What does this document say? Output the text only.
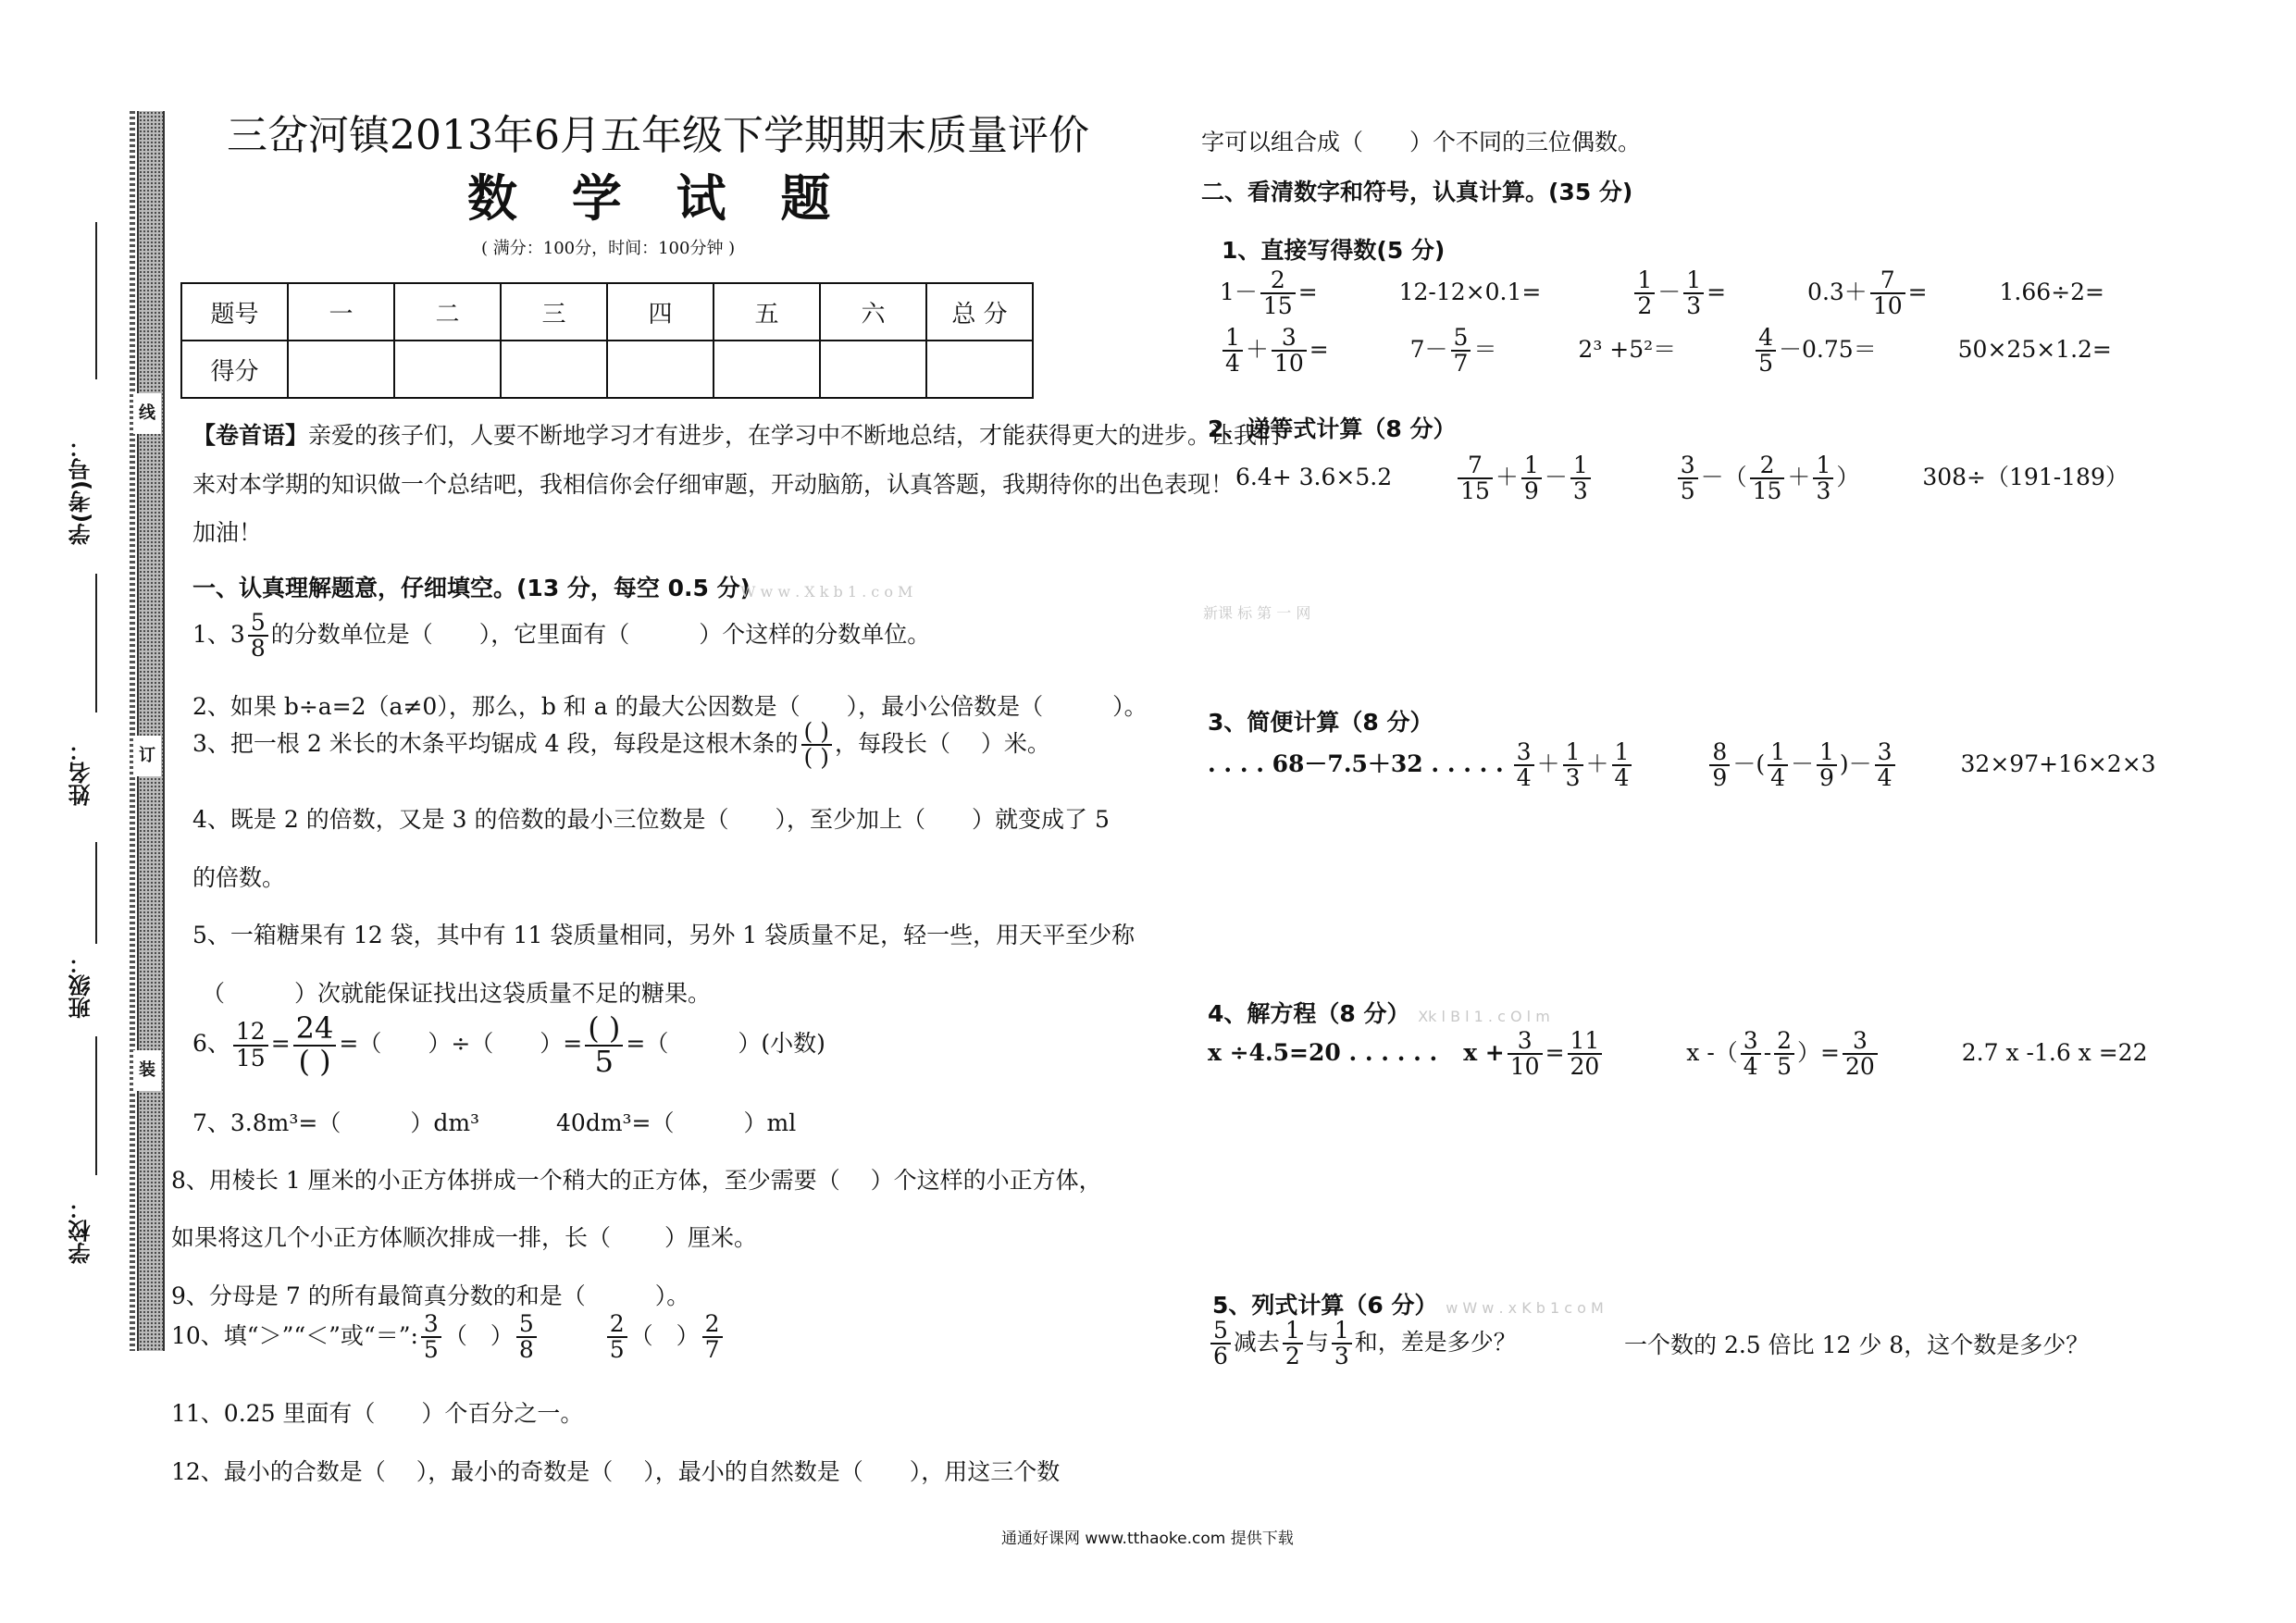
线
订
装
学(考)号：
姓名：
班级：
学校：
三岔河镇2013年6月五年级下学期期末质量评价
数 学 试 题
( 满分：100分，时间：100分钟 )
题号	一	二	三	四	五	六	总 分
得分							
【卷首语】亲爱的孩子们，人要不断地学习才有进步，在学习中不断地总结，才能获得更大的进步。让我们
来对本学期的知识做一个总结吧，我相信你会仔细审题，开动脑筋，认真答题，我期待你的出色表现！
加油！
一、认真理解题意，仔细填空。(13 分，每空 0.5 分)
W w w . X k b 1 . c o M
新课 标 第 一 网
1、$3 \frac{5}{8}$ 的分数单位是（　　），它里面有（　　　）个这样的分数单位。
2、如果 b÷a=2（a≠0），那么，b 和 a 的最大公因数是（　　），最小公倍数是（　　　）。
3、把一根 2 米长的木条平均锯成 4 段，每段是这根木条的 $\frac{( )}{( )}$ ，每段长（　 ）米。
4、既是 2 的倍数，又是 3 的倍数的最小三位数是（　　），至少加上（　　）就变成了 5
的倍数。
5、一箱糖果有 12 袋，其中有 11 袋质量相同，另外 1 袋质量不足，轻一些，用天平至少称
（　　　）次就能保证找出这袋质量不足的糖果。
6、 $\frac{12}{15} = \frac{24}{( )}$ =（　　）÷（　　）= $\frac{( )}{5}$ =（　　　）(小数)
7、3.8m³=（　　　）dm³　　　 40dm³=（　　　）ml
8、用棱长 1 厘米的小正方体拼成一个稍大的正方体，至少需要（　 ）个这样的小正方体，
如果将这几个小正方体顺次排成一排，长（　　 ）厘米。
9、分母是 7 的所有最简真分数的和是（　　　）。
10、填“＞”“＜”或“＝”: $\frac{3}{5}$ （　） $\frac{5}{8}$	$\frac{2}{5}$ （　） $\frac{2}{7}$
11、0.25 里面有（　　）个百分之一。
12、最小的合数是（　 ），最小的奇数是（　 ），最小的自然数是（　　），用这三个数
字可以组合成（　　）个不同的三位偶数。
二、看清数字和符号，认真计算。(35 分)
1、直接写得数(5 分)
$1- \frac{2}{15}$ =	12-12×0.1=	$\frac{1}{2} - \frac{1}{3}$ =	$0.3+ \frac{7}{10}$ =	1.66÷2=
$\frac{1}{4} + \frac{3}{10}$ =	$7- \frac{5}{7}$ ＝	2³ +5²＝	$\frac{4}{5} -0.75=$	50×25×1.2=
2、递等式计算（8 分）
6.4+ 3.6×5.2	$\frac{7}{15} + \frac{1}{9} - \frac{1}{3}$
	$\frac{3}{5}$ －（ $\frac{2}{15} + \frac{1}{3}$ ）	308÷（191-189）
3、简便计算（8 分）
. . . . 68－7.5＋32 . . . . . $\frac{3}{4} + \frac{1}{3} + \frac{1}{4}$
	$\frac{8}{9}$ －( $\frac{1}{4} - \frac{1}{9}$ )－ $\frac{3}{4}$	32×97+16×2×3
4、解方程（8 分） Xk l B l 1 . c O l m
x ÷4.5=20 . . . . . . $x + \frac{3}{10} = \frac{11}{20}$	x -（ $\frac{3}{4} - \frac{2}{5}$ ）= $\frac{3}{20}$	2.7 x -1.6 x =22
5、列式计算（6 分） w W w . x K b 1 c o M
$\frac{5}{6}$ 减去 $\frac{1}{2}$ 与 $\frac{1}{3}$ 和，差是多少？	一个数的 2.5 倍比 12 少 8，这个数是多少？
通通好课网 www.tthaoke.com 提供下载
